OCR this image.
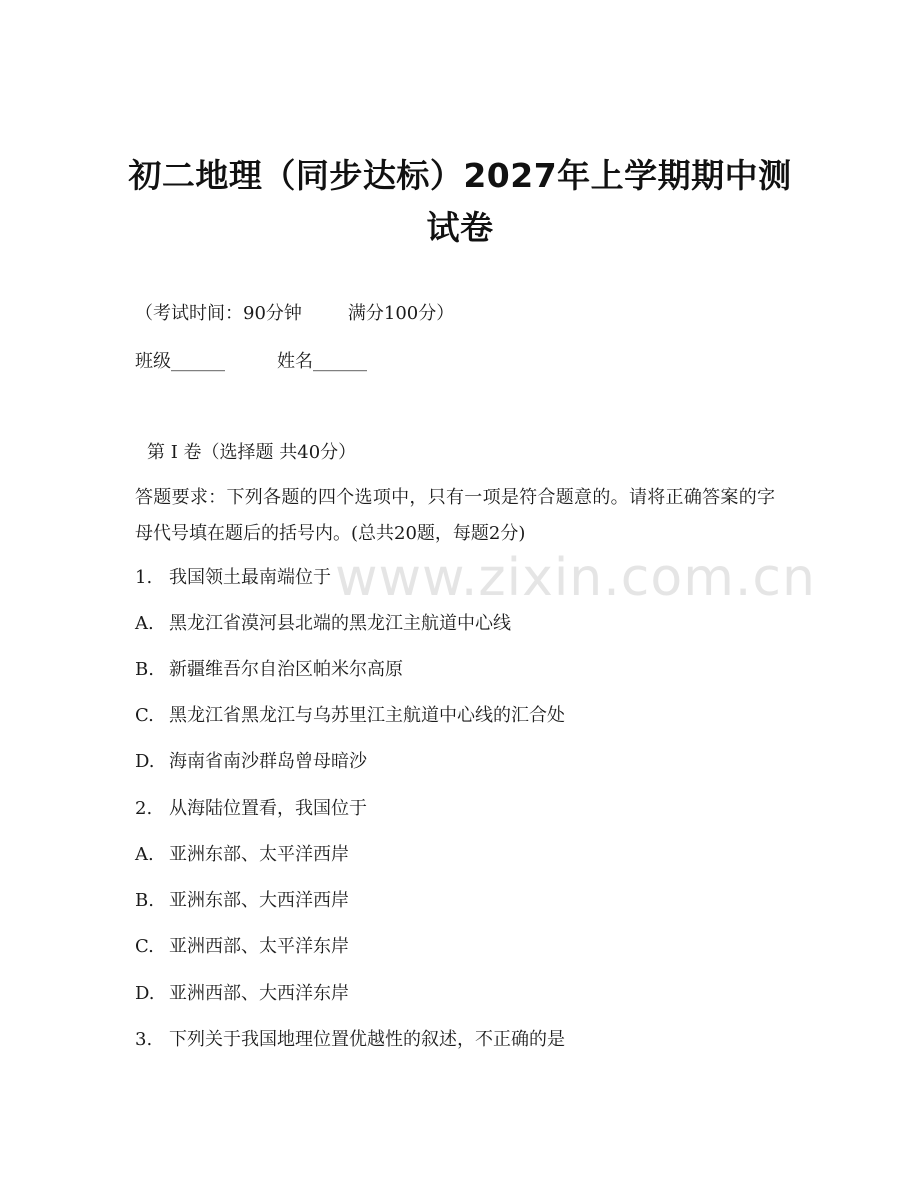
初二地理（同步达标）2027年上学期期中测试卷
（考试时间：90分钟	满分100分）
班级______	姓名______
第 I 卷（选择题 共40分）
答题要求：下列各题的四个选项中，只有一项是符合题意的。请将正确答案的字母代号填在题后的括号内。(总共20题，每题2分)
1. 我国领土最南端位于
A. 黑龙江省漠河县北端的黑龙江主航道中心线
B. 新疆维吾尔自治区帕米尔高原
C. 黑龙江省黑龙江与乌苏里江主航道中心线的汇合处
D. 海南省南沙群岛曾母暗沙
2. 从海陆位置看，我国位于
A. 亚洲东部、太平洋西岸
B. 亚洲东部、大西洋西岸
C. 亚洲西部、太平洋东岸
D. 亚洲西部、大西洋东岸
3. 下列关于我国地理位置优越性的叙述，不正确的是
www.zixin.com.cn
